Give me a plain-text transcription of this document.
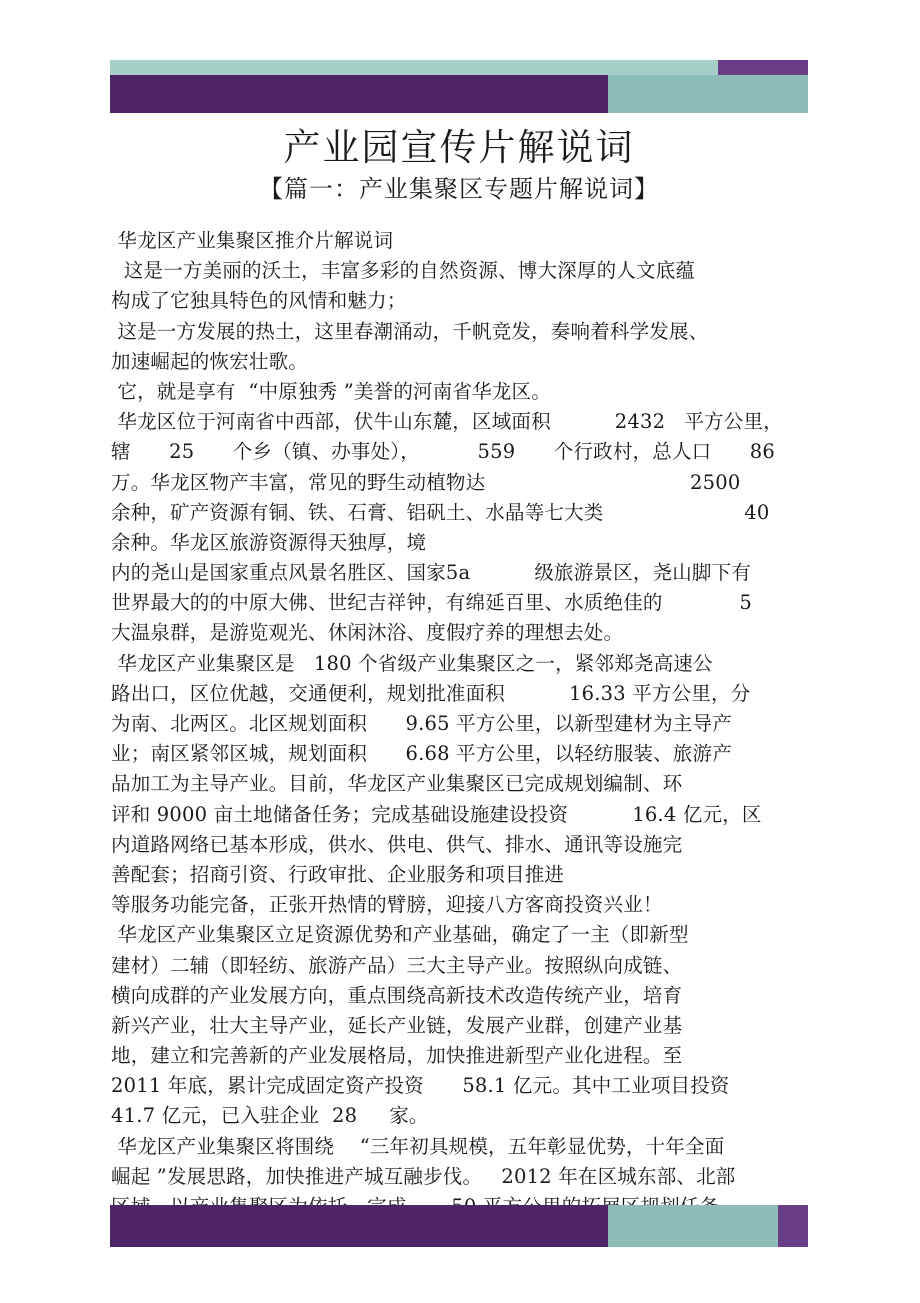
产业园宣传片解说词
【篇一：产业集聚区专题片解说词】
华龙区产业集聚区推介片解说词
这是一方美丽的沃土，丰富多彩的自然资源、博大深厚的人文底蕴
构成了它独具特色的风情和魅力；
这是一方发展的热土，这里春潮涌动，千帆竞发，奏响着科学发展、
加速崛起的恢宏壮歌。
它，就是享有  “中原独秀 ”美誉的河南省华龙区。
华龙区位于河南省中西部，伏牛山东麓，区域面积          2432   平方公里，
辖      25      个乡（镇、办事处），         559      个行政村，总人口      86
万。华龙区物产丰富，常见的野生动植物达                                2500
余种，矿产资源有铜、铁、石膏、铝矾土、水晶等七大类                      40
余种。华龙区旅游资源得天独厚，境
内的尧山是国家重点风景名胜区、国家5a          级旅游景区，尧山脚下有
世界最大的的中原大佛、世纪吉祥钟，有绵延百里、水质绝佳的            5
大温泉群，是游览观光、休闲沐浴、度假疗养的理想去处。
华龙区产业集聚区是   180 个省级产业集聚区之一，紧邻郑尧高速公
路出口，区位优越，交通便利，规划批准面积          16.33 平方公里，分
为南、北两区。北区规划面积      9.65 平方公里，以新型建材为主导产
业；南区紧邻区城，规划面积      6.68 平方公里，以轻纺服装、旅游产
品加工为主导产业。目前，华龙区产业集聚区已完成规划编制、环
评和 9000 亩土地储备任务；完成基础设施建设投资          16.4 亿元，区
内道路网络已基本形成，供水、供电、供气、排水、通讯等设施完
善配套；招商引资、行政审批、企业服务和项目推进
等服务功能完备，正张开热情的臂膀，迎接八方客商投资兴业！
华龙区产业集聚区立足资源优势和产业基础，确定了一主（即新型
建材）二辅（即轻纺、旅游产品）三大主导产业。按照纵向成链、
横向成群的产业发展方向，重点围绕高新技术改造传统产业，培育
新兴产业，壮大主导产业，延长产业链，发展产业群，创建产业基
地，建立和完善新的产业发展格局，加快推进新型产业化进程。至
2011 年底，累计完成固定资产投资      58.1 亿元。其中工业项目投资
41.7 亿元，已入驻企业  28     家。
华龙区产业集聚区将围绕    “三年初具规模，五年彰显优势，十年全面
崛起 ”发展思路，加快推进产城互融步伐。   2012 年在区城东部、北部
